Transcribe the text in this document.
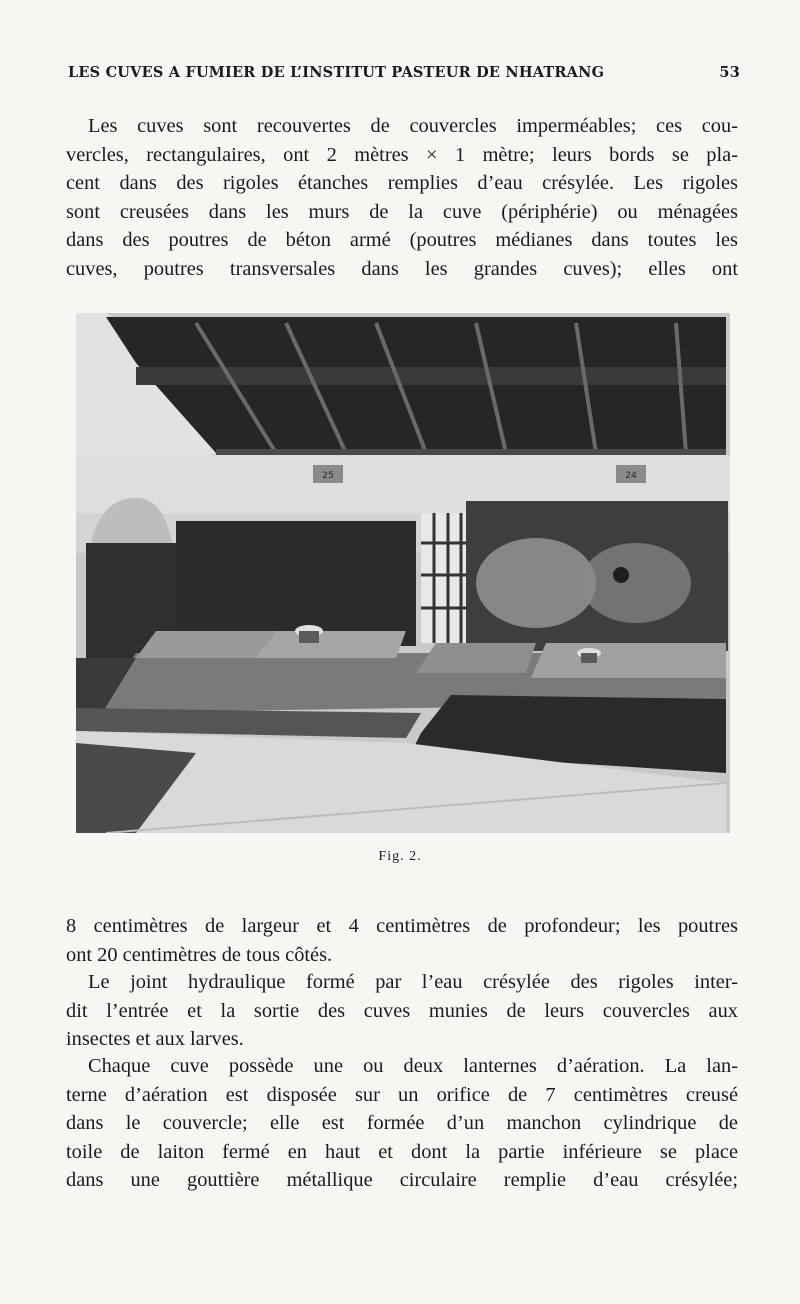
LES CUVES A FUMIER DE L’INSTITUT PASTEUR DE NHATRANG	53

Les cuves sont recouvertes de couvercles imperméables; ces cou-
vercles, rectangulaires, ont 2 mètres × 1 mètre; leurs bords se pla-
cent dans des rigoles étanches remplies d’eau crésylée. Les rigoles
sont creusées dans les murs de la cuve (périphérie) ou ménagées
dans des poutres de béton armé (poutres médianes dans toutes les
cuves, poutres transversales dans les grandes cuves); elles ont

25	24
Fig. 2.

8 centimètres de largeur et 4 centimètres de profondeur; les poutres
ont 20 centimètres de tous côtés.

Le joint hydraulique formé par l’eau crésylée des rigoles inter-
dit l’entrée et la sortie des cuves munies de leurs couvercles aux
insectes et aux larves.

Chaque cuve possède une ou deux lanternes d’aération. La lan-
terne d’aération est disposée sur un orifice de 7 centimètres creusé
dans le couvercle; elle est formée d’un manchon cylindrique de
toile de laiton fermé en haut et dont la partie inférieure se place
dans une gouttière métallique circulaire remplie d’eau crésylée;
